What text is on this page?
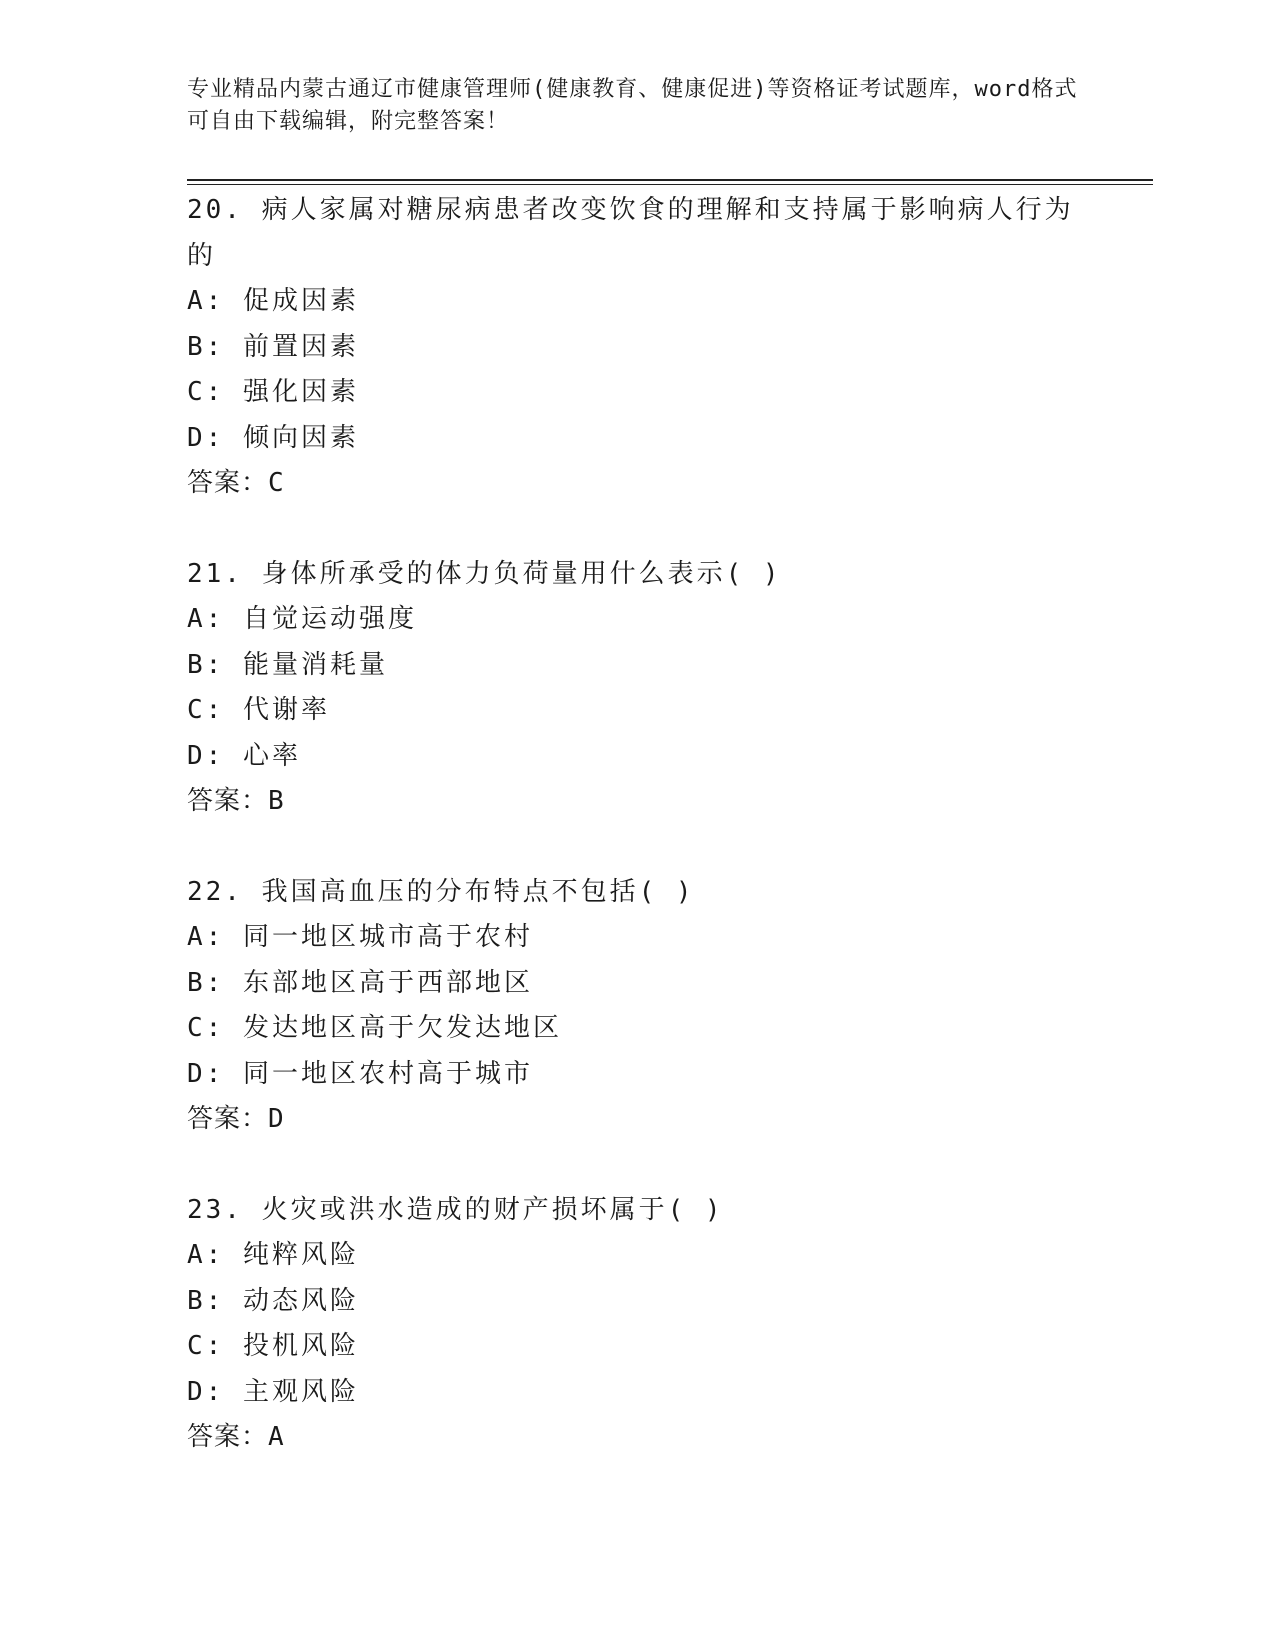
专业精品内蒙古通辽市健康管理师(健康教育、健康促进)等资格证考试题库，word格式可自由下载编辑，附完整答案！
20. 病人家属对糖尿病患者改变饮食的理解和支持属于影响病人行为的
A: 促成因素
B: 前置因素
C: 强化因素
D: 倾向因素
答案：C
21. 身体所承受的体力负荷量用什么表示( )
A: 自觉运动强度
B: 能量消耗量
C: 代谢率
D: 心率
答案：B
22. 我国高血压的分布特点不包括( )
A: 同一地区城市高于农村
B: 东部地区高于西部地区
C: 发达地区高于欠发达地区
D: 同一地区农村高于城市
答案：D
23. 火灾或洪水造成的财产损坏属于( )
A: 纯粹风险
B: 动态风险
C: 投机风险
D: 主观风险
答案：A
